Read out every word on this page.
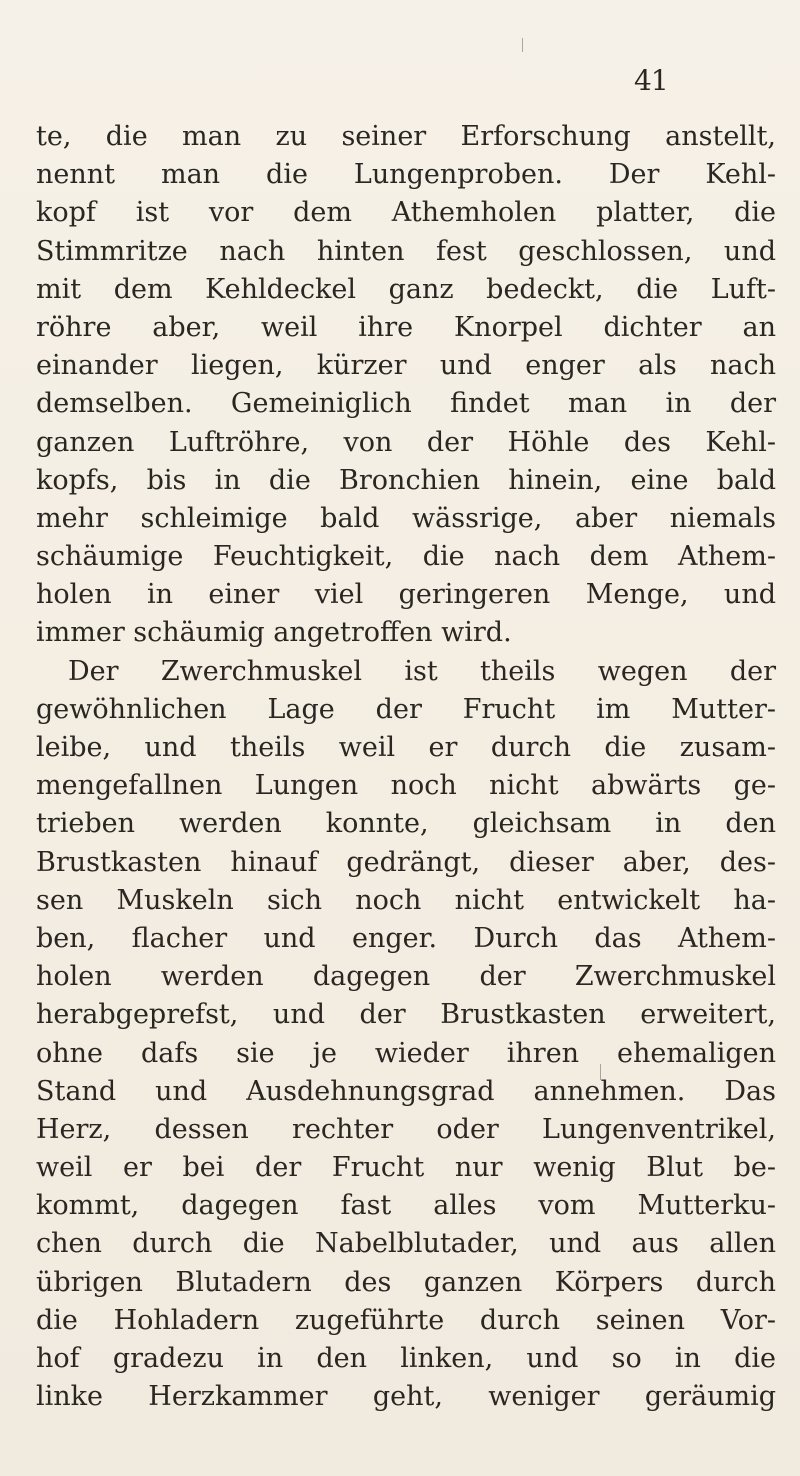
41
te, die man zu seiner Erforschung anstellt,
nennt man die Lungenproben. Der Kehl-
kopf ist vor dem Athemholen platter, die
Stimmritze nach hinten fest geschlossen, und
mit dem Kehldeckel ganz bedeckt, die Luft-
röhre aber, weil ihre Knorpel dichter an
einander liegen, kürzer und enger als nach
demselben. Gemeiniglich findet man in der
ganzen Luftröhre, von der Höhle des Kehl-
kopfs, bis in die Bronchien hinein, eine bald
mehr schleimige bald wässrige, aber niemals
schäumige Feuchtigkeit, die nach dem Athem-
holen in einer viel geringeren Menge, und
immer schäumig angetroffen wird.
Der Zwerchmuskel ist theils wegen der
gewöhnlichen Lage der Frucht im Mutter-
leibe, und theils weil er durch die zusam-
mengefallnen Lungen noch nicht abwärts ge-
trieben werden konnte, gleichsam in den
Brustkasten hinauf gedrängt, dieser aber, des-
sen Muskeln sich noch nicht entwickelt ha-
ben, flacher und enger. Durch das Athem-
holen werden dagegen der Zwerchmuskel
herabgeprefst, und der Brustkasten erweitert,
ohne dafs sie je wieder ihren ehemaligen
Stand und Ausdehnungsgrad annehmen. Das
Herz, dessen rechter oder Lungenventrikel,
weil er bei der Frucht nur wenig Blut be-
kommt, dagegen fast alles vom Mutterku-
chen durch die Nabelblutader, und aus allen
übrigen Blutadern des ganzen Körpers durch
die Hohladern zugeführte durch seinen Vor-
hof gradezu in den linken, und so in die
linke Herzkammer geht, weniger geräumig
